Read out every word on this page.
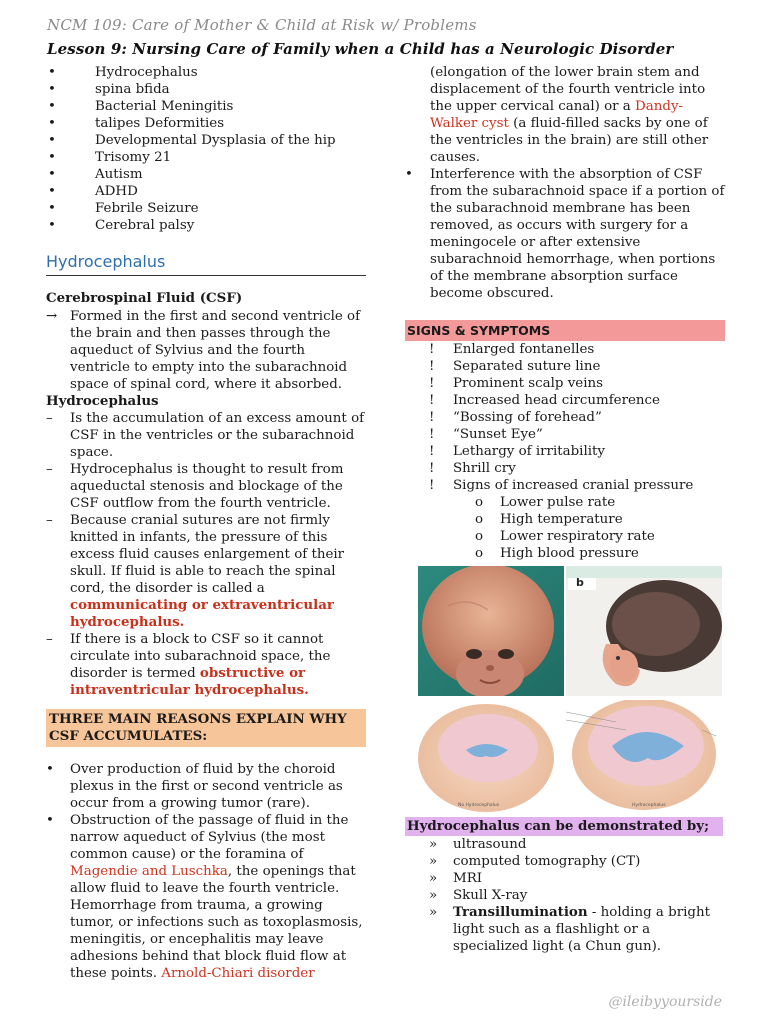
NCM 109: Care of Mother & Child at Risk w/ Problems
Lesson 9: Nursing Care of Family when a Child has a Neurologic Disorder
•	Hydrocephalus
•	spina bfida
•	Bacterial Meningitis
•	talipes Deformities
•	Developmental Dysplasia of the hip
•	Trisomy 21
•	Autism
•	ADHD
•	Febrile Seizure
•	Cerebral palsy
Hydrocephalus

Cerebrospinal Fluid (CSF)

→ Formed in the first and second ventricle of the brain and then passes through the aqueduct of Sylvius and the fourth ventricle to empty into the subarachnoid space of spinal cord, where it absorbed.

Hydrocephalus

– Is the accumulation of an excess amount of CSF in the ventricles or the subarachnoid space.
– Hydrocephalus is thought to result from aqueductal stenosis and blockage of the CSF outflow from the fourth ventricle.
– Because cranial sutures are not firmly knitted in infants, the pressure of this excess fluid causes enlargement of their skull. If fluid is able to reach the spinal cord, the disorder is called a communicating or extraventricular hydrocephalus.
– If there is a block to CSF so it cannot circulate into subarachnoid space, the disorder is termed obstructive or intraventricular hydrocephalus.
THREE MAIN REASONS EXPLAIN WHY CSF ACCUMULATES:
•	Over production of fluid by the choroid plexus in the first or second ventricle as occur from a growing tumor (rare).
•	Obstruction of the passage of fluid in the narrow aqueduct of Sylvius (the most common cause) or the foramina of Magendie and Luschka, the openings that allow fluid to leave the fourth ventricle. Hemorrhage from trauma, a growing tumor, or infections such as toxoplasmosis, meningitis, or encephalitis may leave adhesions behind that block fluid flow at these points. Arnold-Chiari disorder
(elongation of the lower brain stem and displacement of the fourth ventricle into the upper cervical canal) or a Dandy-Walker cyst (a fluid-filled sacks by one of the ventricles in the brain) are still other causes.
• Interference with the absorption of CSF from the subarachnoid space if a portion of the subarachnoid membrane has been removed, as occurs with surgery for a meningocele or after extensive subarachnoid hemorrhage, when portions of the membrane absorption surface become obscured.
SIGNS & SYMPTOMS
! Enlarged fontanelles
! Separated suture line
! Prominent scalp veins
! Increased head circumference
! “Bossing of forehead”
! “Sunset Eye”
! Lethargy of irritability
! Shrill cry
! Signs of increased cranial pressure
o Lower pulse rate
o High temperature
o Lower respiratory rate
o High blood pressure
b
No Hydrocephalus	Hydrocephalus
Hydrocephalus can be demonstrated by;
» ultrasound
» computed tomography (CT)
» MRI
» Skull X-ray
» Transillumination - holding a bright light such as a flashlight or a specialized light (a Chun gun).
@ileibyyourside
